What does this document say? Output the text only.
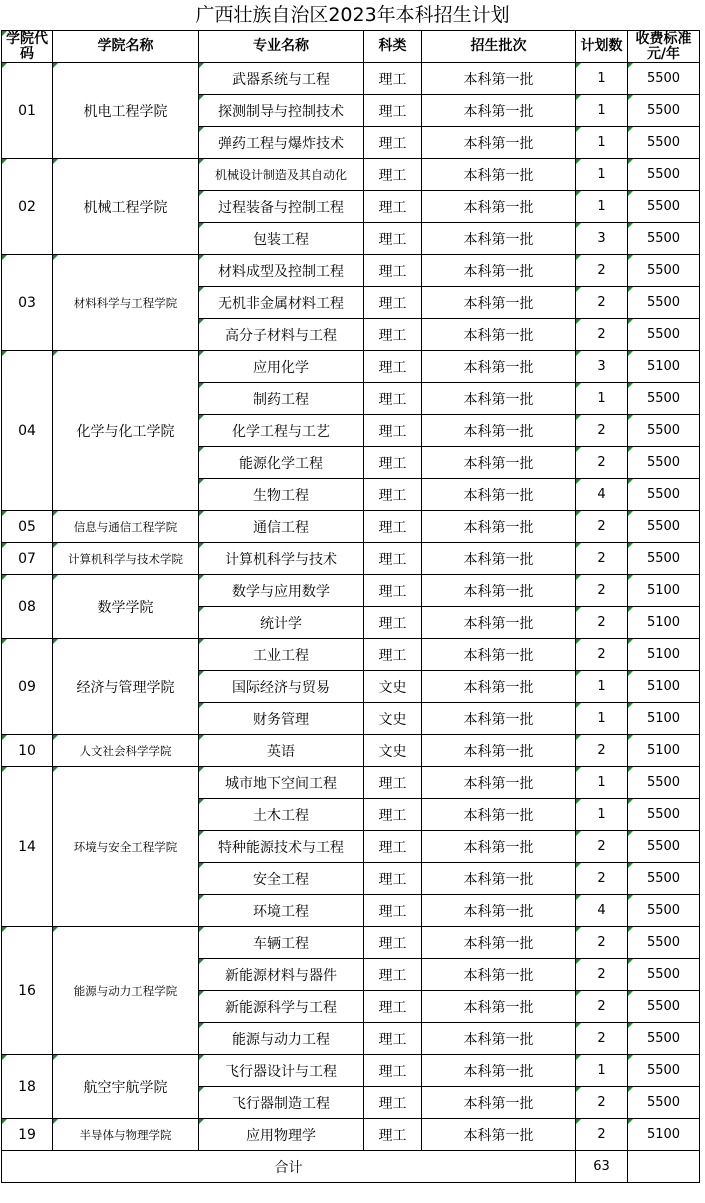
广西壮族自治区2023年本科招生计划
学院代码	学院名称	专业名称	科类	招生批次	计划数	收费标准元/年
01	机电工程学院	武器系统与工程	理工	本科第一批	1	5500
		探测制导与控制技术	理工	本科第一批	1	5500
		弹药工程与爆炸技术	理工	本科第一批	1	5500
02	机械工程学院	机械设计制造及其自动化	理工	本科第一批	1	5500
		过程装备与控制工程	理工	本科第一批	1	5500
		包装工程	理工	本科第一批	3	5500
03	材料科学与工程学院	材料成型及控制工程	理工	本科第一批	2	5500
		无机非金属材料工程	理工	本科第一批	2	5500
		高分子材料与工程	理工	本科第一批	2	5500
04	化学与化工学院	应用化学	理工	本科第一批	3	5100
		制药工程	理工	本科第一批	1	5500
		化学工程与工艺	理工	本科第一批	2	5500
		能源化学工程	理工	本科第一批	2	5500
		生物工程	理工	本科第一批	4	5500
05	信息与通信工程学院	通信工程	理工	本科第一批	2	5500
07	计算机科学与技术学院	计算机科学与技术	理工	本科第一批	2	5500
08	数学学院	数学与应用数学	理工	本科第一批	2	5100
		统计学	理工	本科第一批	2	5100
09	经济与管理学院	工业工程	理工	本科第一批	2	5100
		国际经济与贸易	文史	本科第一批	1	5100
		财务管理	文史	本科第一批	1	5100
10	人文社会科学学院	英语	文史	本科第一批	2	5100
14	环境与安全工程学院	城市地下空间工程	理工	本科第一批	1	5500
		土木工程	理工	本科第一批	1	5500
		特种能源技术与工程	理工	本科第一批	2	5500
		安全工程	理工	本科第一批	2	5500
		环境工程	理工	本科第一批	4	5500
16	能源与动力工程学院	车辆工程	理工	本科第一批	2	5500
		新能源材料与器件	理工	本科第一批	2	5500
		新能源科学与工程	理工	本科第一批	2	5500
		能源与动力工程	理工	本科第一批	2	5500
18	航空宇航学院	飞行器设计与工程	理工	本科第一批	1	5500
		飞行器制造工程	理工	本科第一批	2	5500
19	半导体与物理学院	应用物理学	理工	本科第一批	2	5100
合计					63	
